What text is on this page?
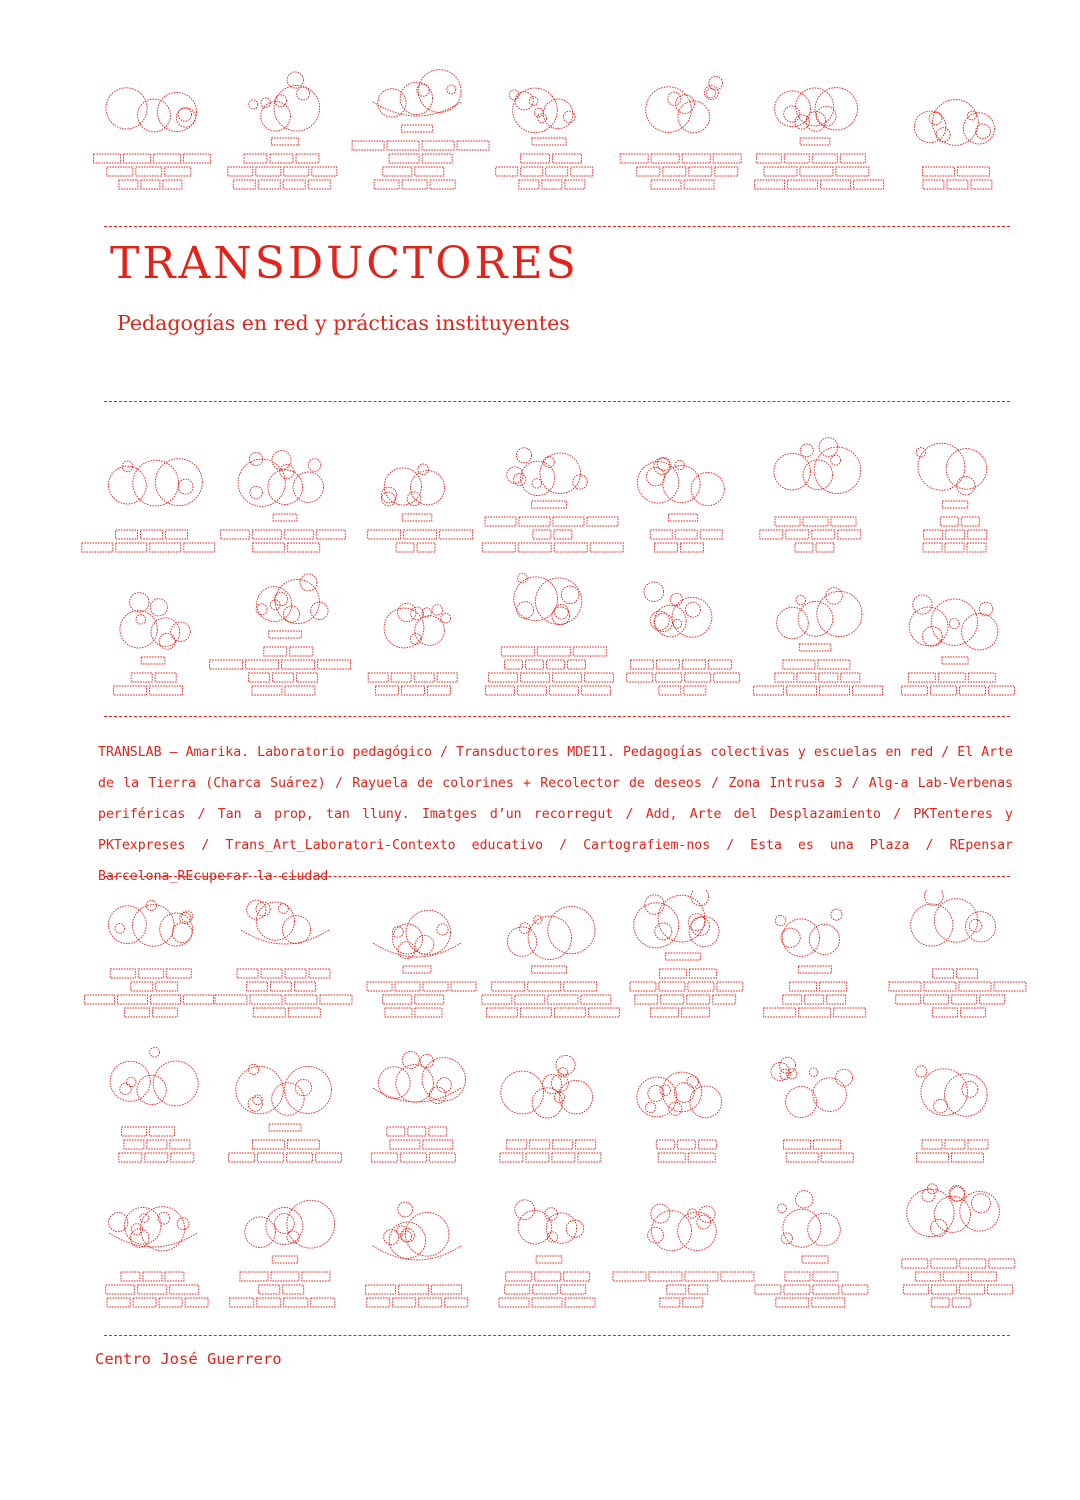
TRANSDUCTORES
Pedagogías en red y prácticas instituyentes

TRANSLAB — Amarika. Laboratorio pedagógico / Transductores MDE11. Pedagogías colectivas y escuelas en red / El Arte de la Tierra (Charca Suárez) / Rayuela de colorines + Recolector de deseos / Zona Intrusa 3 / Alg-a Lab-Verbenas periféricas / Tan a prop, tan lluny. Imatges d’un recorregut / Add, Arte del Desplazamiento / PKTenteres y PKTexpreses / Trans_Art_Laboratori-Contexto educativo / Cartografiem-nos / Esta es una Plaza / REpensar Barcelona_REcuperar la ciudad

Centro José Guerrero
